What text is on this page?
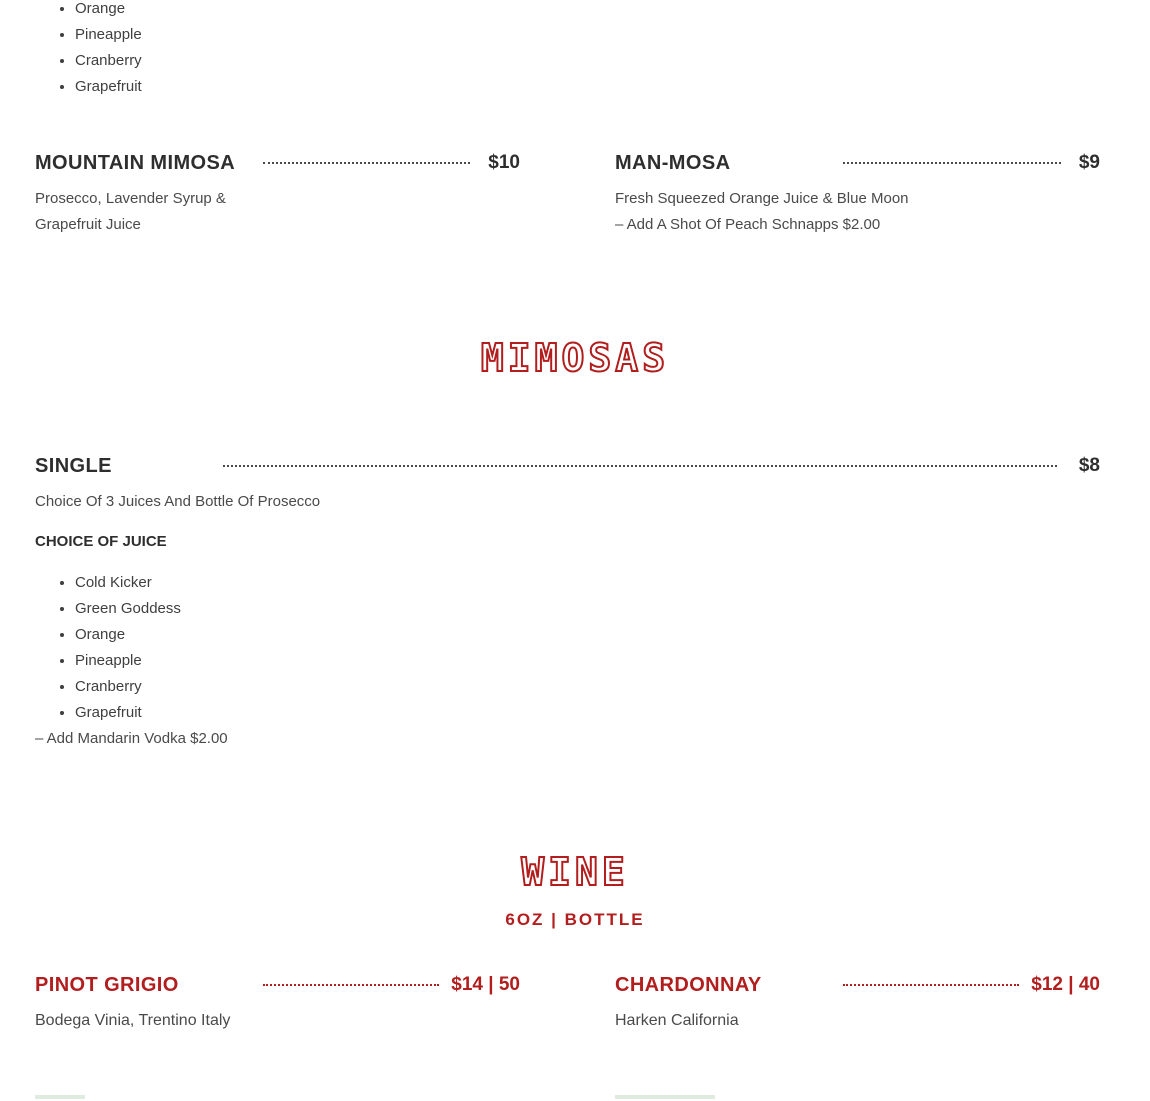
• Orange
• Pineapple
• Cranberry
• Grapefruit
MOUNTAIN MIMOSA	$10
Prosecco, Lavender Syrup &
Grapefruit Juice
MAN-MOSA	$9
Fresh Squeezed Orange Juice & Blue Moon
– Add A Shot Of Peach Schnapps $2.00
MIMOSAS
SINGLE	$8
Choice Of 3 Juices And Bottle Of Prosecco
CHOICE OF JUICE
• Cold Kicker
• Green Goddess
• Orange
• Pineapple
• Cranberry
• Grapefruit
– Add Mandarin Vodka $2.00
WINE
6OZ | BOTTLE
PINOT GRIGIO	$14 | 50
Bodega Vinia, Trentino Italy
CHARDONNAY	$12 | 40
Harken California
